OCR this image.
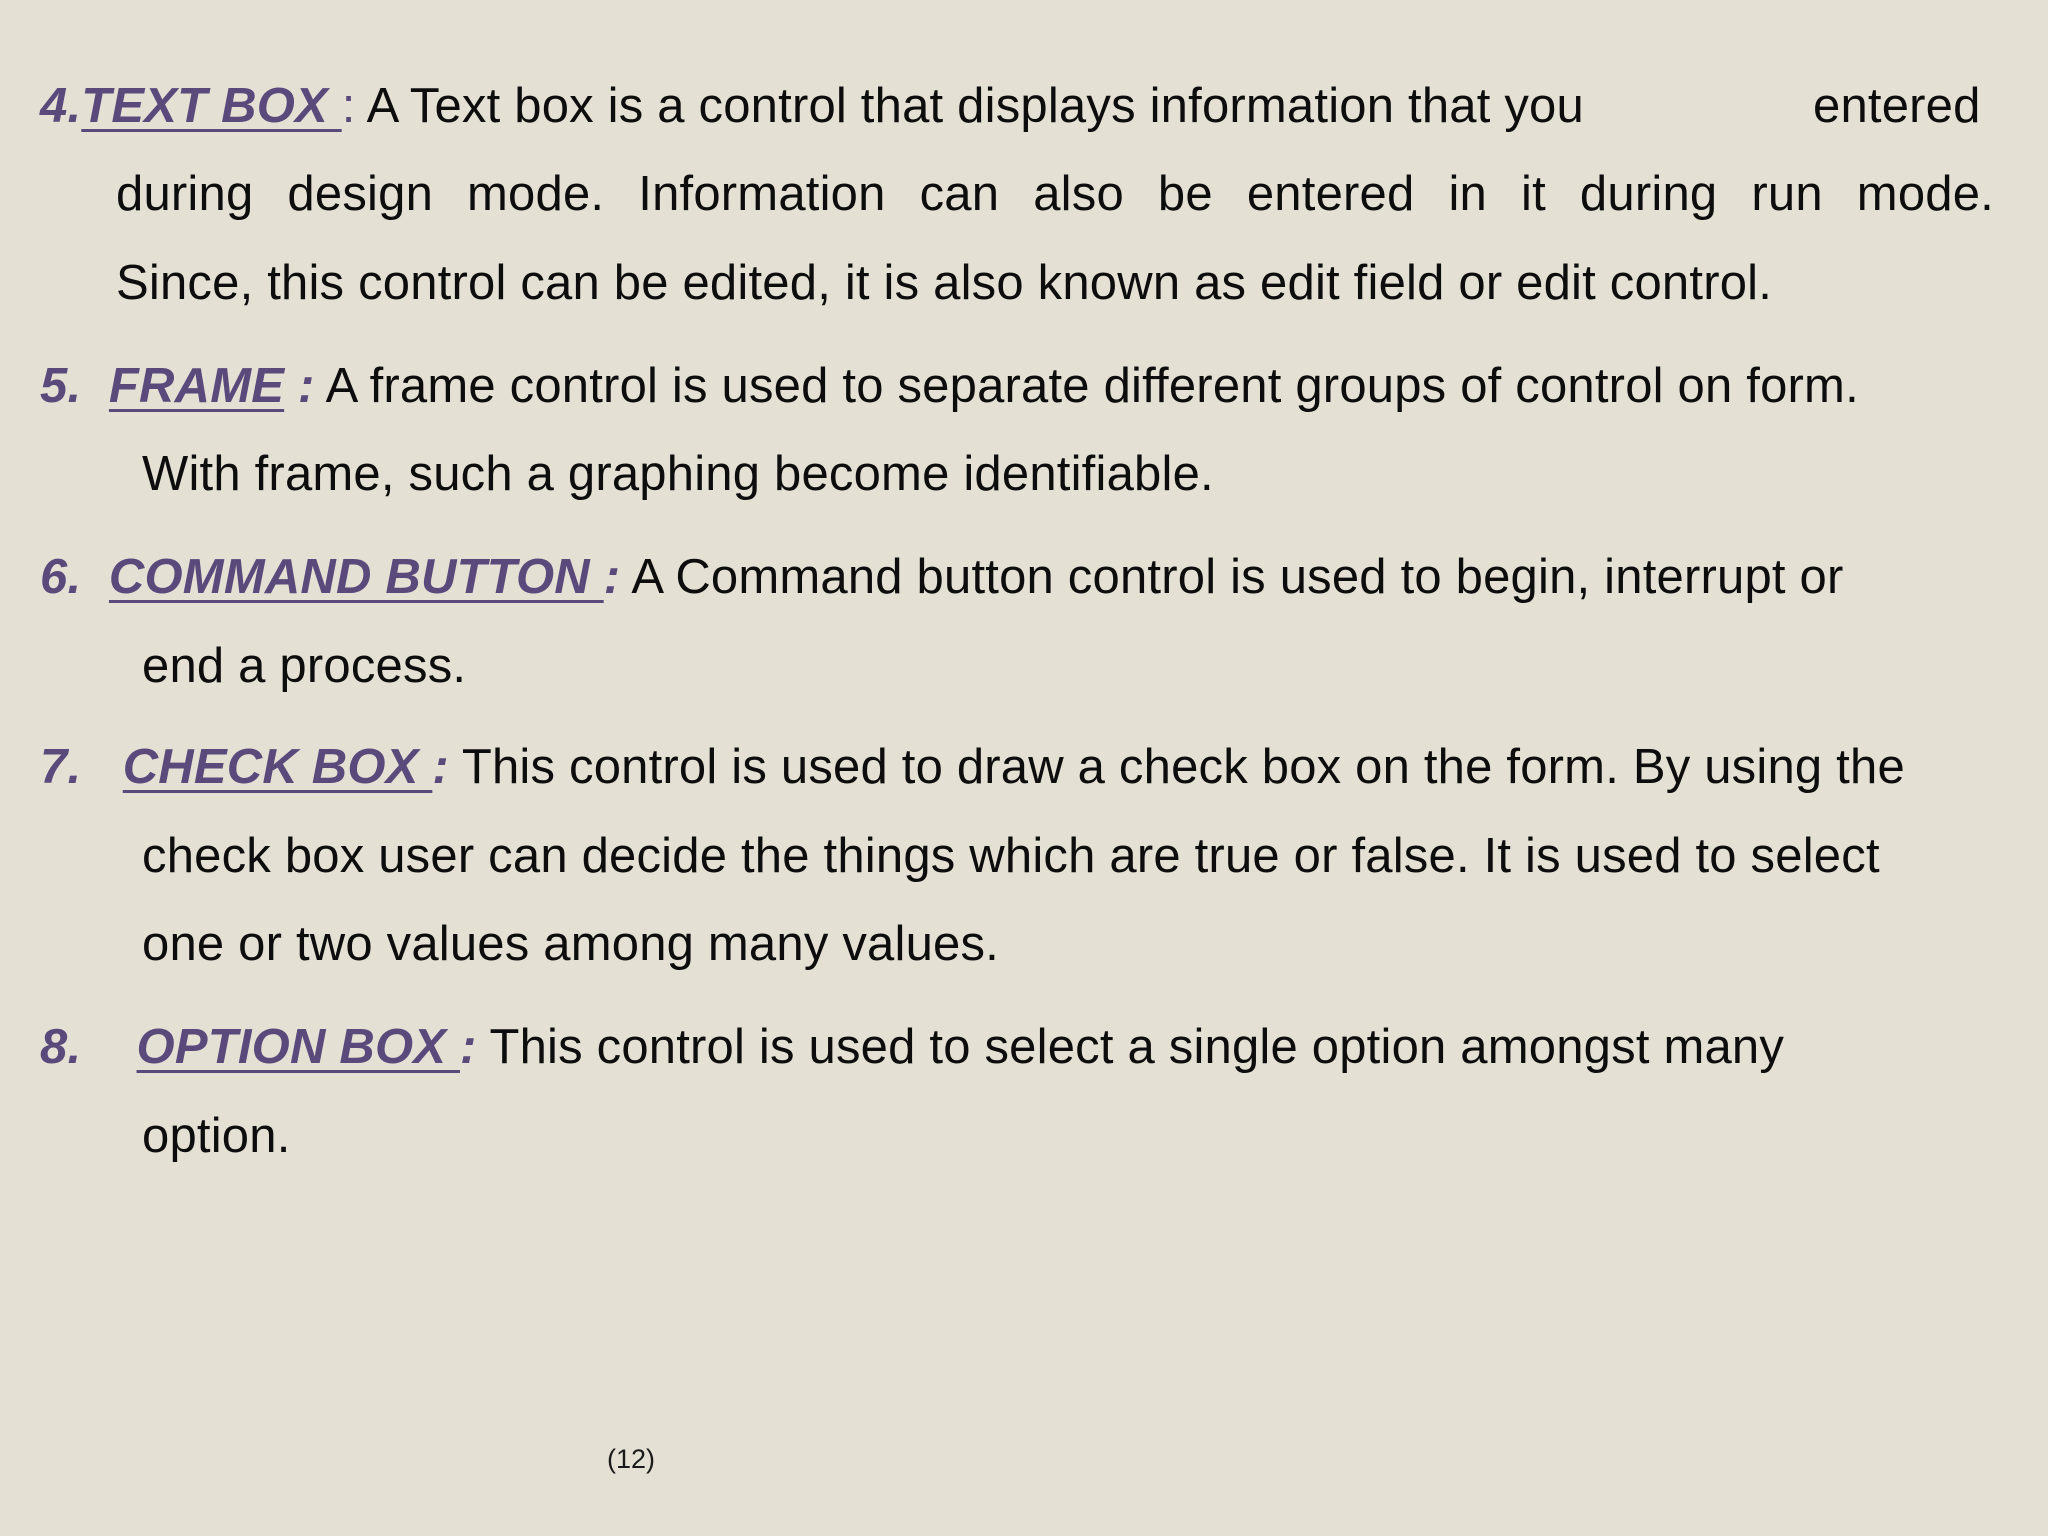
4.TEXT BOX : A Text box is a control that displays information that you	entered
during design mode. Information can also be entered in it during run mode.
Since, this control can be edited, it is also known as edit field or edit control.
5. FRAME : A frame control is used to separate different groups of control on form.
With frame, such a graphing become identifiable.
6. COMMAND BUTTON : A Command button control is used to begin, interrupt or
end a process.
7. CHECK BOX : This control is used to draw a check box on the form. By using the
check box user can decide the things which are true or false. It is used to select
one or two values among many values.
8. OPTION BOX : This control is used to select a single option amongst many
option.
(12)
